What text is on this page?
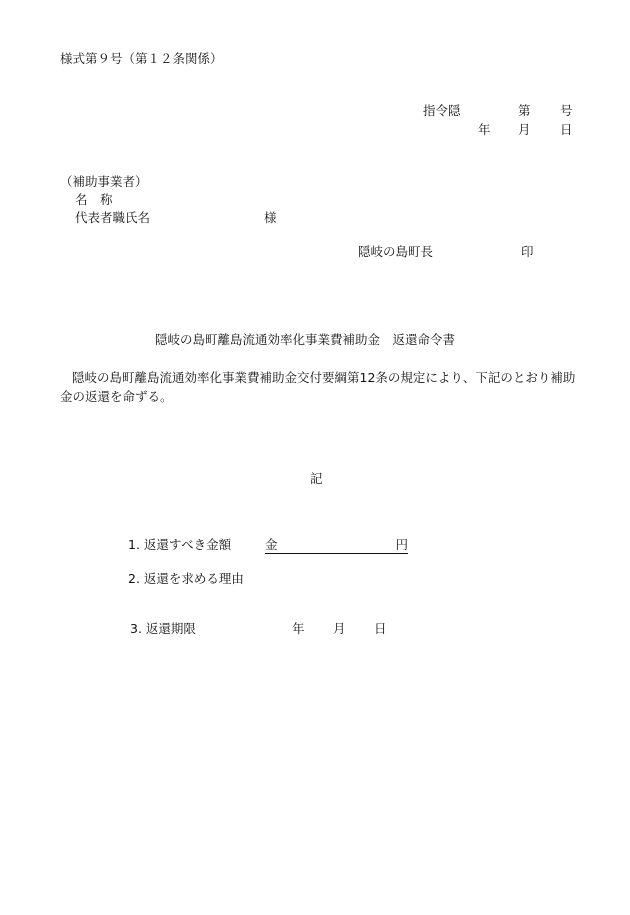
様式第９号（第１２条関係）
指令隠	第 号
年 月 日
（補助事業者）
名　称
代表者職氏名	様
隠岐の島町長	印
隠岐の島町離島流通効率化事業費補助金　返還命令書
隠岐の島町離島流通効率化事業費補助金交付要綱第12条の規定により、下記のとおり補助金の返還を命ずる。
記
1. 返還すべき金額	金	円
2. 返還を求める理由
3. 返還期限	年 月 日
